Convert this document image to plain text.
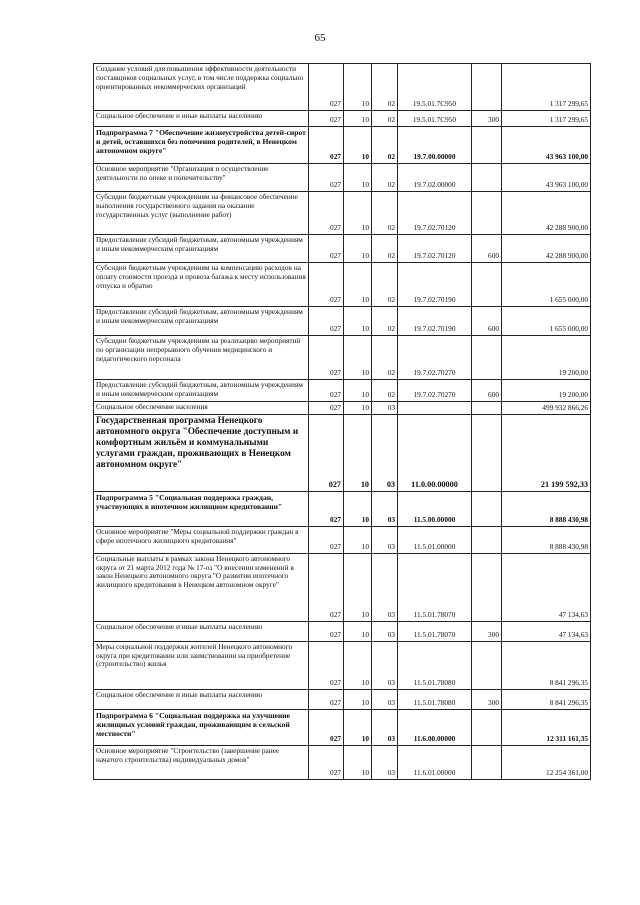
65
Создание условий для повышения эффективности деятельности поставщиков социальных услуг, в том числе поддержка социально ориентированных некоммерческих организаций	027	10	02	19.5.01.7С950		1 317 299,65
Социальное обеспечение и иные выплаты населению	027	10	02	19.5.01.7С950	300	1 317 299,65
Подпрограмма 7 "Обеспечение жизнеустройства детей-сирот и детей, оставшихся без попечения родителей, в Ненецком автономном округе"	027	10	02	19.7.00.00000		43 963 100,00
Основное мероприятие "Организация и осуществление деятельности по опеке и попечительству"	027	10	02	19.7.02.00000		43 963 100,00
Субсидии бюджетным учреждениям на финансовое обеспечение выполнения государственного задания на оказание государственных услуг (выполнение работ)	027	10	02	19.7.02.70120		42 288 900,00
Предоставление субсидий бюджетным, автономным учреждениям и иным некоммерческим организациям	027	10	02	19.7.02.70120	600	42 288 900,00
Субсидии бюджетным учреждениям на компенсацию расходов на оплату стоимости проезда и провоза багажа к месту использования отпуска и обратно	027	10	02	19.7.02.70190		1 655 000,00
Предоставление субсидий бюджетным, автономным учреждениям и иным некоммерческим организациям	027	10	02	19.7.02.70190	600	1 655 000,00
Субсидии бюджетным учреждениям на реализацию мероприятий по организации непрерывного обучения медицинского и педагогического персонала	027	10	02	19.7.02.70270		19 200,00
Предоставление субсидий бюджетным, автономным учреждениям и иным некоммерческим организациям	027	10	02	19.7.02.70270	600	19 200,00
Социальное обеспечение населения	027	10	03			499 932 866,26
Государственная программа Ненецкого автономного округа "Обеспечение доступным и комфортным жильём и коммунальными услугами граждан, проживающих в Ненецком автономном округе"	027	10	03	11.0.00.00000		21 199 592,33
Подпрограмма 5 "Социальная поддержка граждан, участвующих в ипотечном жилищном кредитовании"	027	10	03	11.5.00.00000		8 888 430,98
Основное мероприятие "Меры социальной поддержки граждан в сфере ипотечного жилищного кредитования"	027	10	03	11.5.01.00000		8 888 430,98
Социальные выплаты в рамках закона Ненецкого автономного округа от 21 марта 2012 года № 17-оз "О внесении изменений в закон Ненецкого автономного округа "О развитии ипотечного жилищного кредитования в Ненецком автономном округе"	027	10	03	11.5.01.78070		47 134,63
Социальное обеспечение и иные выплаты населению	027	10	03	11.5.01.78070	300	47 134,63
Меры социальной поддержки жителей Ненецкого автономного округа при кредитовании или заимствовании на приобретение (строительство) жилья	027	10	03	11.5.01.78080		8 841 296,35
Социальное обеспечение и иные выплаты населению	027	10	03	11.5.01.78080	300	8 841 296,35
Подпрограмма 6 "Социальная поддержка на улучшение жилищных условий граждан, проживающим в сельской местности"	027	10	03	11.6.00.00000		12 311 161,35
Основное мероприятие "Строительство (завершение ранее начатого строительства) индивидуальных домов"	027	10	03	11.6.01.00000		12 254 361,00
